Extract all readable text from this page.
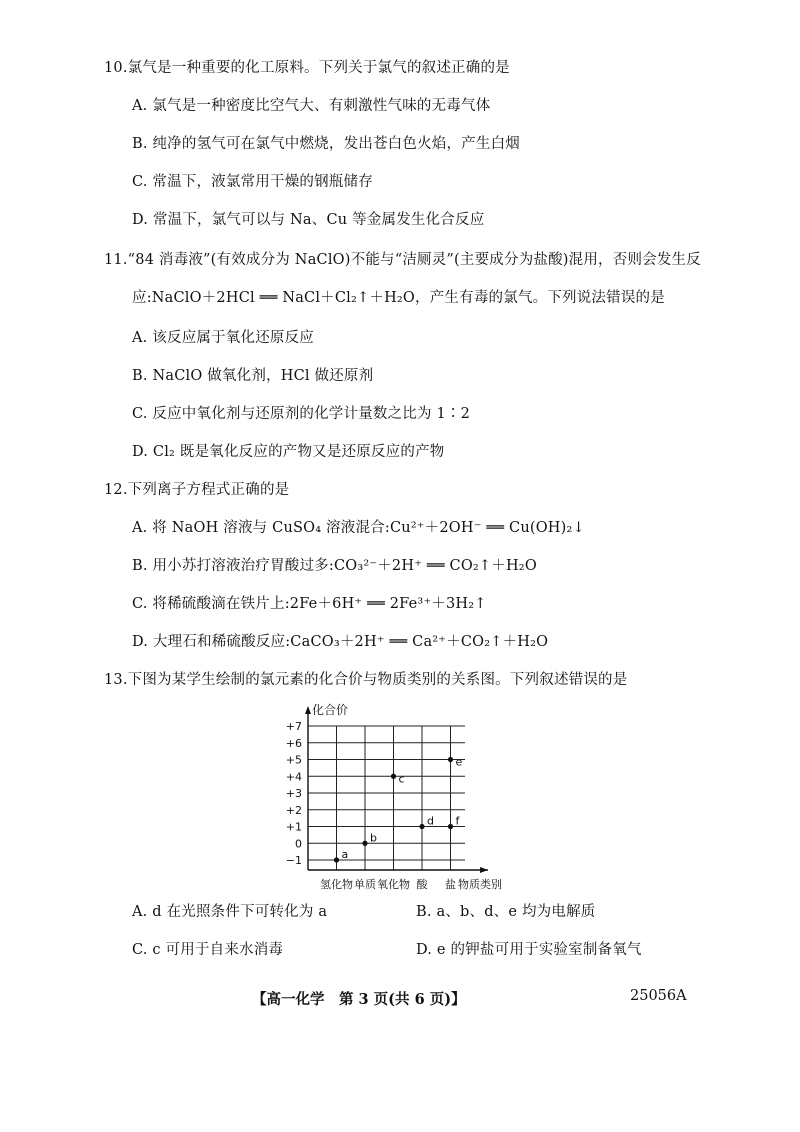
10.氯气是一种重要的化工原料。下列关于氯气的叙述正确的是
A. 氯气是一种密度比空气大、有刺激性气味的无毒气体
B. 纯净的氢气可在氯气中燃烧，发出苍白色火焰，产生白烟
C. 常温下，液氯常用干燥的钢瓶储存
D. 常温下，氯气可以与 Na、Cu 等金属发生化合反应
11.“84 消毒液”(有效成分为 NaClO)不能与“洁厕灵”(主要成分为盐酸)混用，否则会发生反
应:NaClO＋2HCl ══ NaCl＋Cl₂↑＋H₂O，产生有毒的氯气。下列说法错误的是
A. 该反应属于氧化还原反应
B. NaClO 做氧化剂，HCl 做还原剂
C. 反应中氧化剂与还原剂的化学计量数之比为 1∶2
D. Cl₂ 既是氧化反应的产物又是还原反应的产物
12.下列离子方程式正确的是
A. 将 NaOH 溶液与 CuSO₄ 溶液混合:Cu²⁺＋2OH⁻ ══ Cu(OH)₂↓
B. 用小苏打溶液治疗胃酸过多:CO₃²⁻＋2H⁺ ══ CO₂↑＋H₂O
C. 将稀硫酸滴在铁片上:2Fe＋6H⁺ ══ 2Fe³⁺＋3H₂↑
D. 大理石和稀硫酸反应:CaCO₃＋2H⁺ ══ Ca²⁺＋CO₂↑＋H₂O
13.下图为某学生绘制的氯元素的化合价与物质类别的关系图。下列叙述错误的是
化合价
+7
+6
+5
+4
+3
+2
+1
0
−1
氢化物 单质 氧化物 酸 盐 物质类别
a
b
c
d f
e
A. d 在光照条件下可转化为 a	B. a、b、d、e 均为电解质
C. c 可用于自来水消毒	D. e 的钾盐可用于实验室制备氧气
【高一化学　第 3 页(共 6 页)】	25056A
